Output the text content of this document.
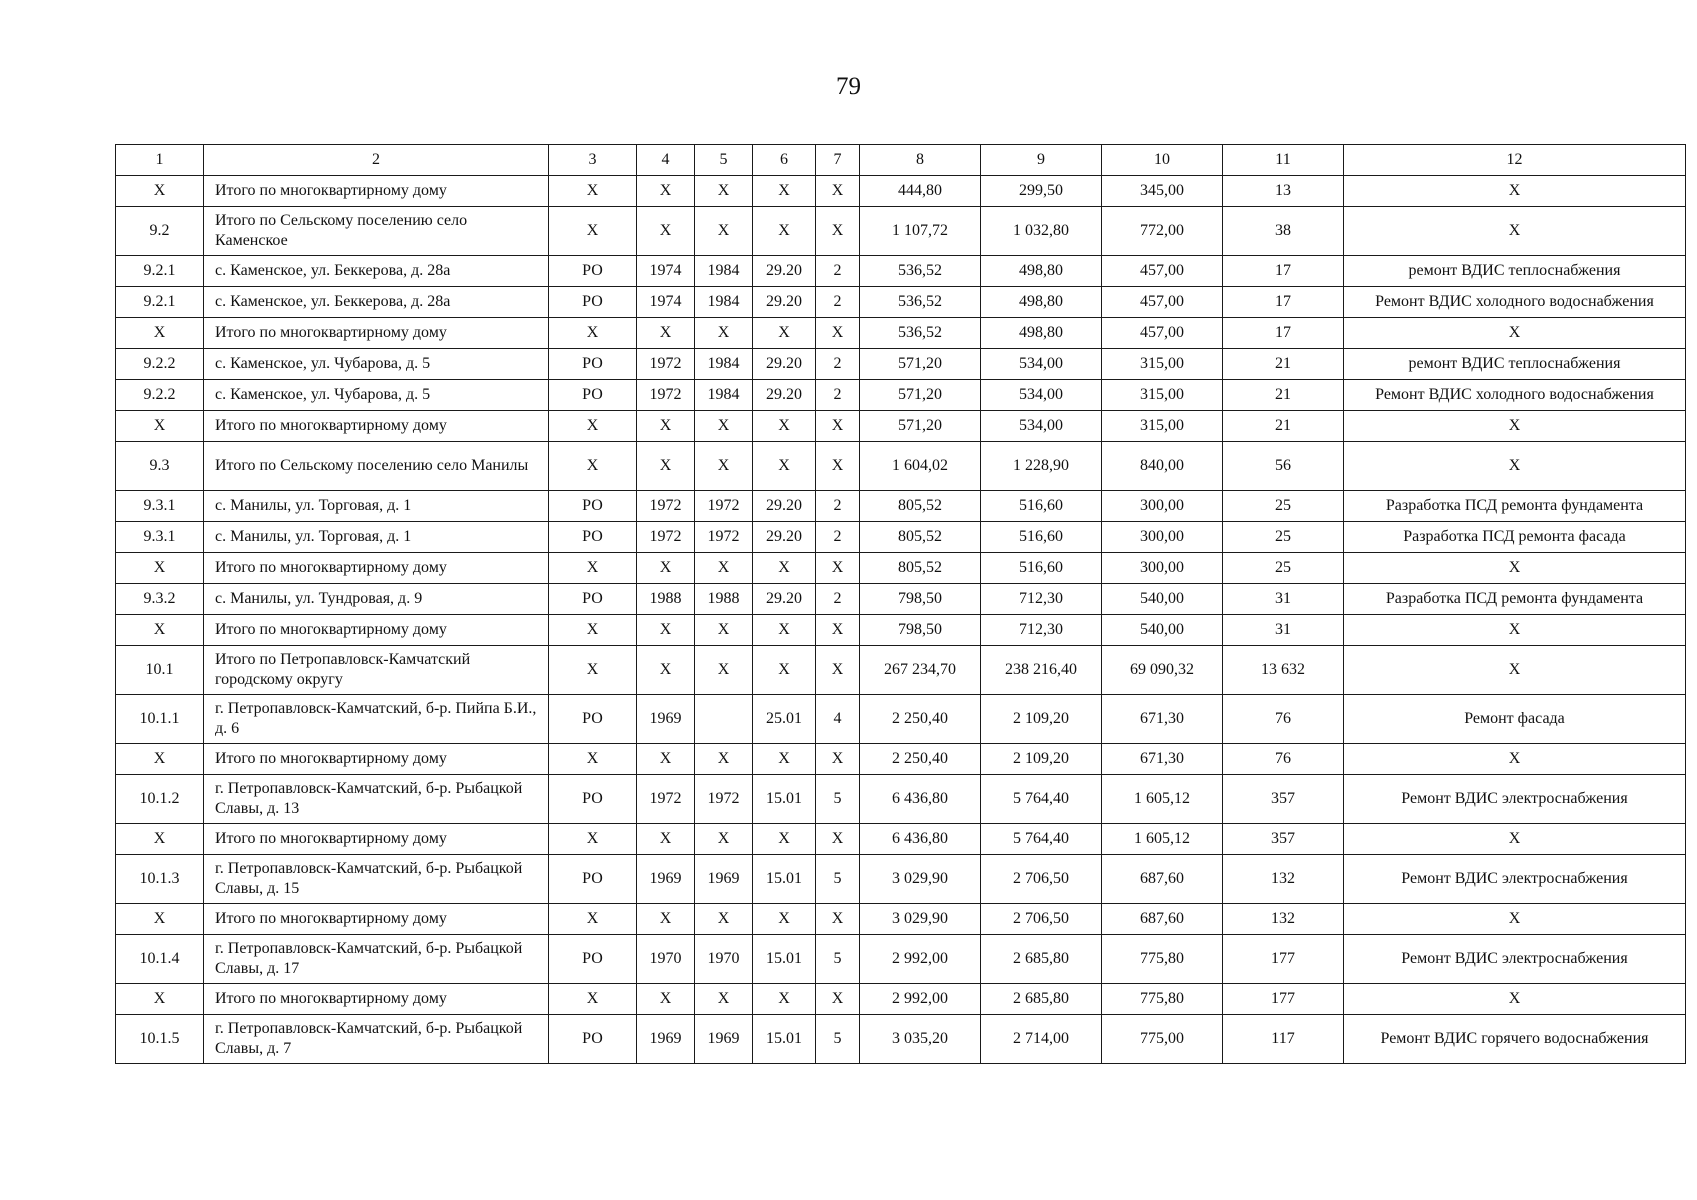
79
1	2	3	4	5	6	7	8	9	10	11	12
X	Итого по многоквартирному дому	X	X	X	X	X	444,80	299,50	345,00	13	X
9.2	Итого по Сельскому поселению село Каменское	X	X	X	X	X	1 107,72	1 032,80	772,00	38	X
9.2.1	с. Каменское, ул. Беккерова, д. 28а	РО	1974	1984	29.20	2	536,52	498,80	457,00	17	ремонт ВДИС теплоснабжения
9.2.1	с. Каменское, ул. Беккерова, д. 28а	РО	1974	1984	29.20	2	536,52	498,80	457,00	17	Ремонт ВДИС холодного водоснабжения
X	Итого по многоквартирному дому	X	X	X	X	X	536,52	498,80	457,00	17	X
9.2.2	с. Каменское, ул. Чубарова, д. 5	РО	1972	1984	29.20	2	571,20	534,00	315,00	21	ремонт ВДИС теплоснабжения
9.2.2	с. Каменское, ул. Чубарова, д. 5	РО	1972	1984	29.20	2	571,20	534,00	315,00	21	Ремонт ВДИС холодного водоснабжения
X	Итого по многоквартирному дому	X	X	X	X	X	571,20	534,00	315,00	21	X
9.3	Итого по Сельскому поселению село Манилы	X	X	X	X	X	1 604,02	1 228,90	840,00	56	X
9.3.1	с. Манилы, ул. Торговая, д. 1	РО	1972	1972	29.20	2	805,52	516,60	300,00	25	Разработка ПСД ремонта фундамента
9.3.1	с. Манилы, ул. Торговая, д. 1	РО	1972	1972	29.20	2	805,52	516,60	300,00	25	Разработка ПСД ремонта фасада
X	Итого по многоквартирному дому	X	X	X	X	X	805,52	516,60	300,00	25	X
9.3.2	с. Манилы, ул. Тундровая, д. 9	РО	1988	1988	29.20	2	798,50	712,30	540,00	31	Разработка ПСД ремонта фундамента
X	Итого по многоквартирному дому	X	X	X	X	X	798,50	712,30	540,00	31	X
10.1	Итого по Петропавловск-Камчатский городскому округу	X	X	X	X	X	267 234,70	238 216,40	69 090,32	13 632	X
10.1.1	г. Петропавловск-Камчатский, б-р. Пийпа Б.И., д. 6	РО	1969		25.01	4	2 250,40	2 109,20	671,30	76	Ремонт фасада
X	Итого по многоквартирному дому	X	X	X	X	X	2 250,40	2 109,20	671,30	76	X
10.1.2	г. Петропавловск-Камчатский, б-р. Рыбацкой Славы, д. 13	РО	1972	1972	15.01	5	6 436,80	5 764,40	1 605,12	357	Ремонт ВДИС электроснабжения
X	Итого по многоквартирному дому	X	X	X	X	X	6 436,80	5 764,40	1 605,12	357	X
10.1.3	г. Петропавловск-Камчатский, б-р. Рыбацкой Славы, д. 15	РО	1969	1969	15.01	5	3 029,90	2 706,50	687,60	132	Ремонт ВДИС электроснабжения
X	Итого по многоквартирному дому	X	X	X	X	X	3 029,90	2 706,50	687,60	132	X
10.1.4	г. Петропавловск-Камчатский, б-р. Рыбацкой Славы, д. 17	РО	1970	1970	15.01	5	2 992,00	2 685,80	775,80	177	Ремонт ВДИС электроснабжения
X	Итого по многоквартирному дому	X	X	X	X	X	2 992,00	2 685,80	775,80	177	X
10.1.5	г. Петропавловск-Камчатский, б-р. Рыбацкой Славы, д. 7	РО	1969	1969	15.01	5	3 035,20	2 714,00	775,00	117	Ремонт ВДИС горячего водоснабжения
